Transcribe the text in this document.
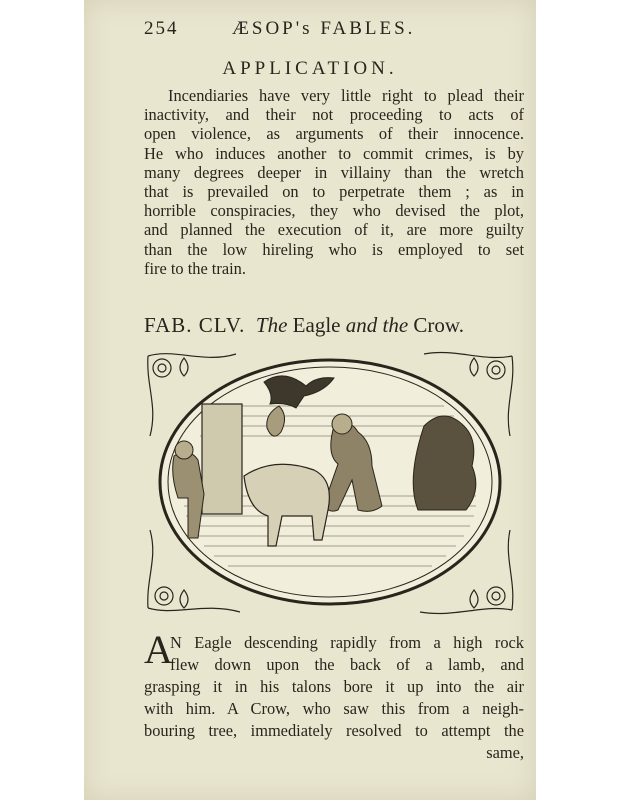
254	ÆSOP's FABLES.
APPLICATION.
Incendiaries have very little right to plead their
inactivity, and their not proceeding to acts of
open violence, as arguments of their innocence.
He who induces another to commit crimes, is by
many degrees deeper in villainy than the wretch
that is prevailed on to perpetrate them ; as in
horrible conspiracies, they who devised the plot,
and planned the execution of it, are more guilty
than the low hireling who is employed to set
fire to the train.
FAB. CLV. The Eagle and the Crow.
A
N Eagle descending rapidly from a high rock
flew down upon the back of a lamb, and
grasping it in his talons bore it up into the air
with him. A Crow, who saw this from a neigh-
bouring tree, immediately resolved to attempt the
same,
